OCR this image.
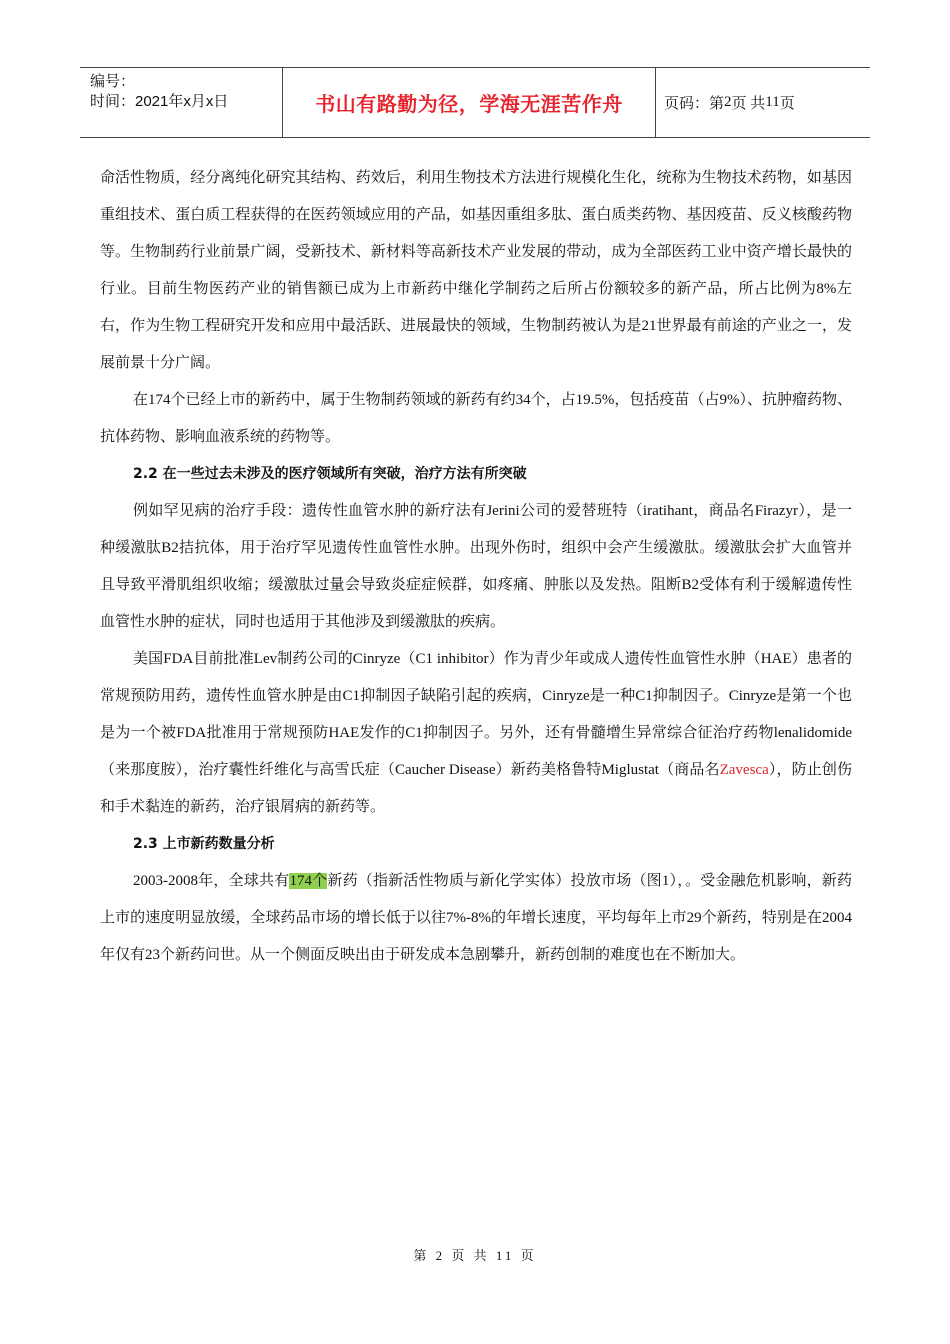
编号：
时间：2021年x月x日	书山有路勤为径，学海无涯苦作舟	页码：第 2 页 共 11 页

命活性物质，经分离纯化研究其结构、药效后，利用生物技术方法进行规模化生化，统称为生物技术药物，如基因重组技术、蛋白质工程获得的在医药领域应用的产品，如基因重组多肽、蛋白质类药物、基因疫苗、反义核酸药物等。生物制药行业前景广阔，受新技术、新材料等高新技术产业发展的带动，成为全部医药工业中资产增长最快的行业。目前生物医药产业的销售额已成为上市新药中继化学制药之后所占份额较多的新产品，所占比例为8%左右，作为生物工程研究开发和应用中最活跃、进展最快的领域，生物制药被认为是21世界最有前途的产业之一，发展前景十分广阔。

在174个已经上市的新药中，属于生物制药领域的新药有约34个，占19.5%，包括疫苗（占9%）、抗肿瘤药物、抗体药物、影响血液系统的药物等。

2.2 在一些过去未涉及的医疗领域所有突破，治疗方法有所突破

例如罕见病的治疗手段：遗传性血管水肿的新疗法有Jerini公司的爱替班特（iratihant，商品名Firazyr），是一种缓激肽B2拮抗体，用于治疗罕见遗传性血管性水肿。出现外伤时，组织中会产生缓激肽。缓激肽会扩大血管并且导致平滑肌组织收缩；缓激肽过量会导致炎症症候群，如疼痛、肿胀以及发热。阻断B2受体有利于缓解遗传性血管性水肿的症状，同时也适用于其他涉及到缓激肽的疾病。

美国FDA目前批准Lev制药公司的Cinryze（C1 inhibitor）作为青少年或成人遗传性血管性水肿（HAE）患者的常规预防用药，遗传性血管水肿是由C1抑制因子缺陷引起的疾病，Cinryze是一种C1抑制因子。Cinryze是第一个也是为一个被FDA批准用于常规预防HAE发作的C1抑制因子。另外，还有骨髓增生异常综合征治疗药物lenalidomide（来那度胺），治疗囊性纤维化与高雪氏症（Caucher Disease）新药美格鲁特Miglustat（商品名Zavesca），防止创伤和手术黏连的新药，治疗银屑病的新药等。

2.3 上市新药数量分析

2003-2008年，全球共有174个新药（指新活性物质与新化学实体）投放市场（图1），。受金融危机影响，新药上市的速度明显放缓，全球药品市场的增长低于以往7%-8%的年增长速度，平均每年上市29个新药，特别是在2004年仅有23个新药问世。从一个侧面反映出由于研发成本急剧攀升，新药创制的难度也在不断加大。

第 2 页 共 11 页
